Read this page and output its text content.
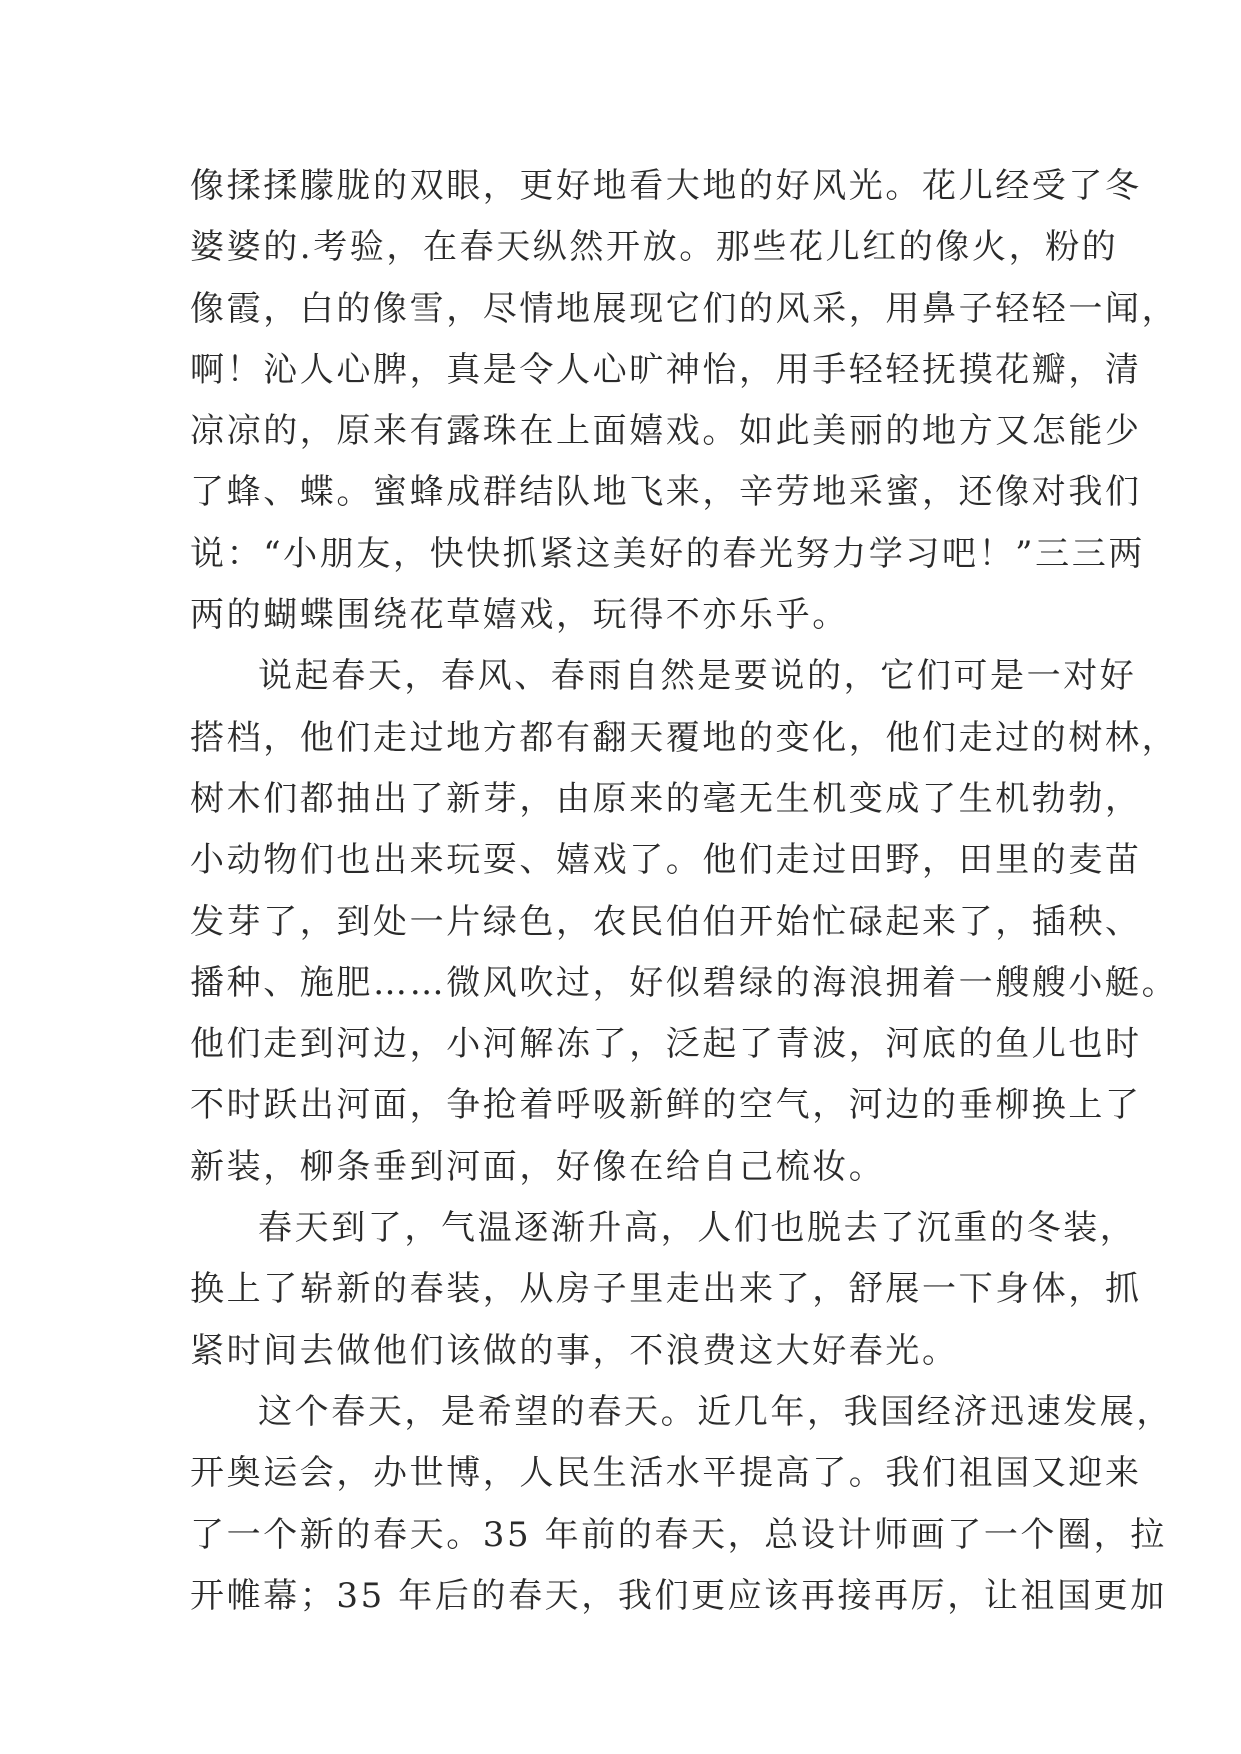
像揉揉朦胧的双眼，更好地看大地的好风光。花儿经受了冬
婆婆的.考验，在春天纵然开放。那些花儿红的像火，粉的
像霞，白的像雪，尽情地展现它们的风采，用鼻子轻轻一闻，
啊！沁人心脾，真是令人心旷神怡，用手轻轻抚摸花瓣，清
凉凉的，原来有露珠在上面嬉戏。如此美丽的地方又怎能少
了蜂、蝶。蜜蜂成群结队地飞来，辛劳地采蜜，还像对我们
说：“小朋友，快快抓紧这美好的春光努力学习吧！”三三两
两的蝴蝶围绕花草嬉戏，玩得不亦乐乎。
说起春天，春风、春雨自然是要说的，它们可是一对好
搭档，他们走过地方都有翻天覆地的变化，他们走过的树林，
树木们都抽出了新芽，由原来的毫无生机变成了生机勃勃，
小动物们也出来玩耍、嬉戏了。他们走过田野，田里的麦苗
发芽了，到处一片绿色，农民伯伯开始忙碌起来了，插秧、
播种、施肥……微风吹过，好似碧绿的海浪拥着一艘艘小艇。
他们走到河边，小河解冻了，泛起了青波，河底的鱼儿也时
不时跃出河面，争抢着呼吸新鲜的空气，河边的垂柳换上了
新装，柳条垂到河面，好像在给自己梳妆。
春天到了，气温逐渐升高，人们也脱去了沉重的冬装，
换上了崭新的春装，从房子里走出来了，舒展一下身体，抓
紧时间去做他们该做的事，不浪费这大好春光。
这个春天，是希望的春天。近几年，我国经济迅速发展，
开奥运会，办世博，人民生活水平提高了。我们祖国又迎来
了一个新的春天。35 年前的春天，总设计师画了一个圈，拉
开帷幕；35 年后的春天，我们更应该再接再厉，让祖国更加
